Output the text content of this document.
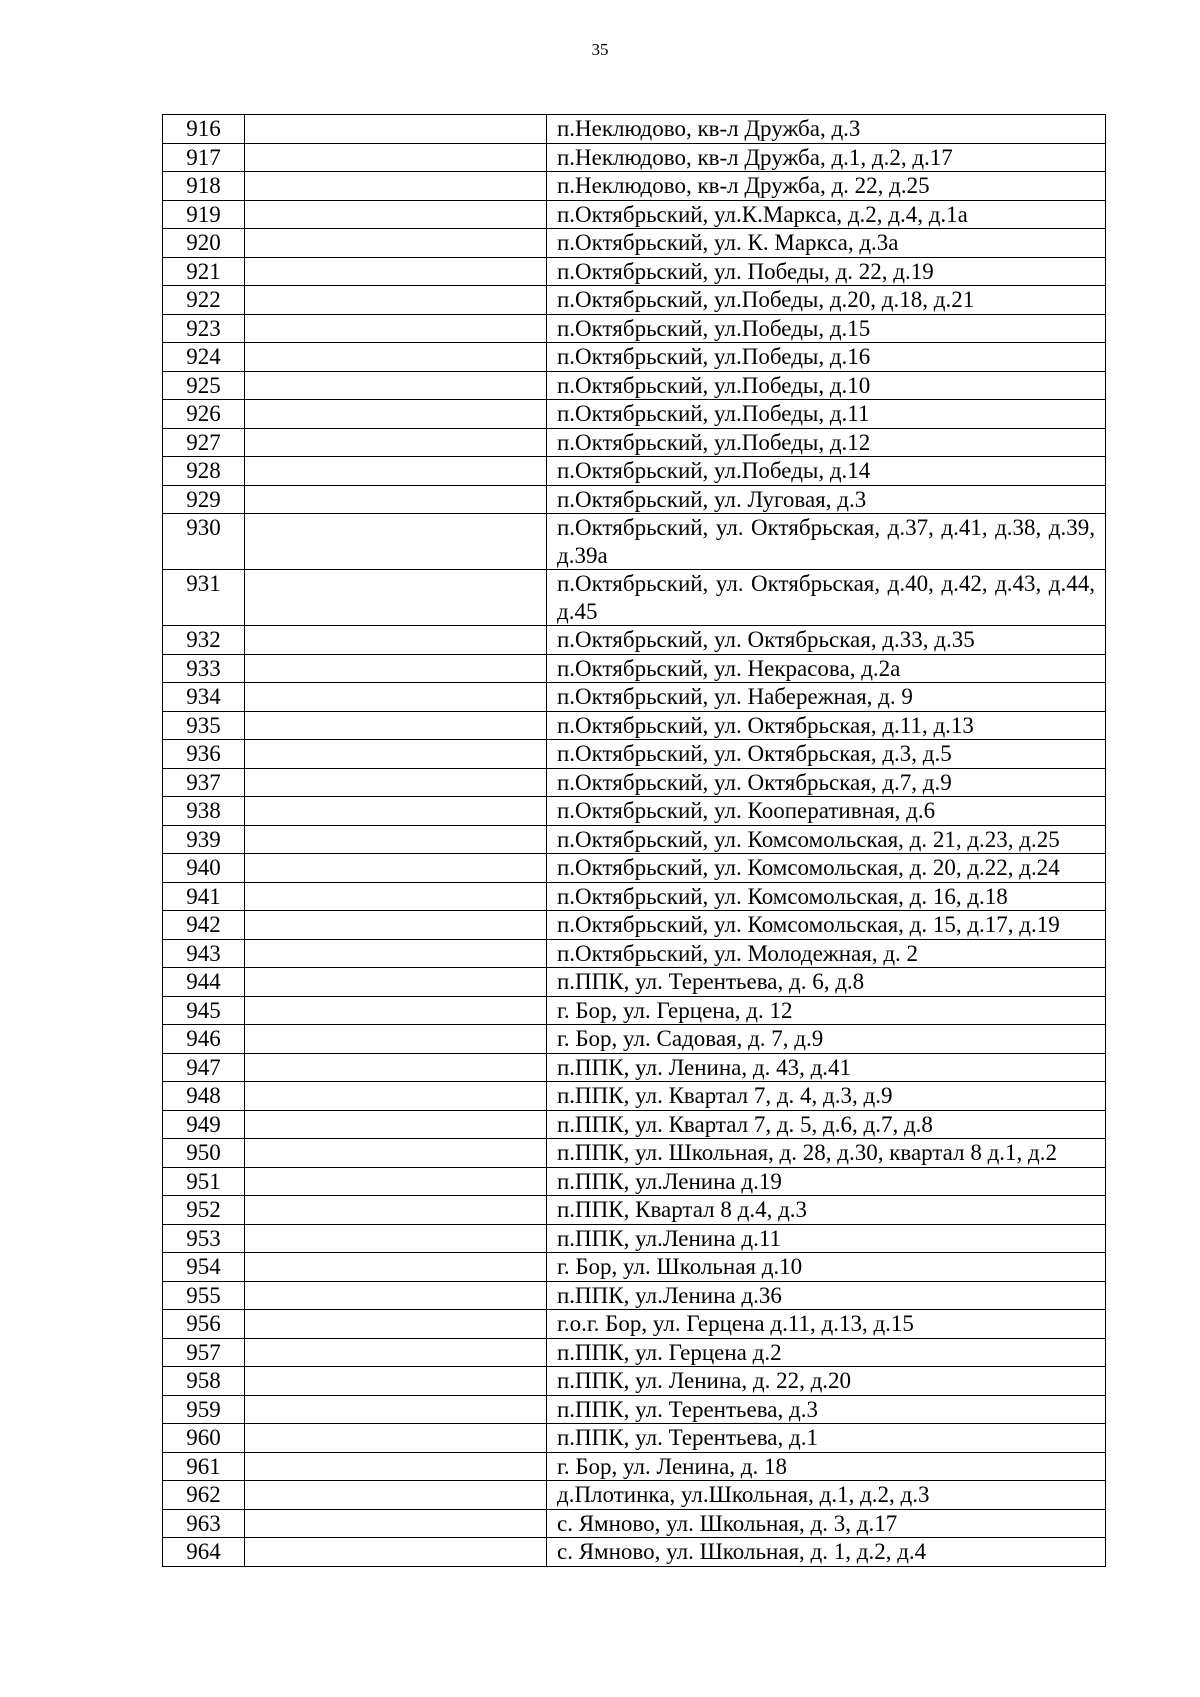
35
916		п.Неклюдово, кв-л Дружба, д.3
917		п.Неклюдово, кв-л Дружба, д.1, д.2, д.17
918		п.Неклюдово, кв-л Дружба, д. 22, д.25
919		п.Октябрьский, ул.К.Маркса, д.2, д.4, д.1а
920		п.Октябрьский, ул. К. Маркса, д.3а
921		п.Октябрьский, ул. Победы, д. 22, д.19
922		п.Октябрьский, ул.Победы, д.20, д.18, д.21
923		п.Октябрьский, ул.Победы, д.15
924		п.Октябрьский, ул.Победы, д.16
925		п.Октябрьский, ул.Победы, д.10
926		п.Октябрьский, ул.Победы, д.11
927		п.Октябрьский, ул.Победы, д.12
928		п.Октябрьский, ул.Победы, д.14
929		п.Октябрьский, ул. Луговая, д.3
930		п.Октябрьский, ул. Октябрьская, д.37, д.41, д.38, д.39, д.39а
931		п.Октябрьский, ул. Октябрьская, д.40, д.42, д.43, д.44, д.45
932		п.Октябрьский, ул. Октябрьская, д.33, д.35
933		п.Октябрьский, ул. Некрасова, д.2а
934		п.Октябрьский, ул. Набережная, д. 9
935		п.Октябрьский, ул. Октябрьская, д.11, д.13
936		п.Октябрьский, ул. Октябрьская, д.3, д.5
937		п.Октябрьский, ул. Октябрьская, д.7, д.9
938		п.Октябрьский, ул. Кооперативная, д.6
939		п.Октябрьский, ул. Комсомольская, д. 21, д.23, д.25
940		п.Октябрьский, ул. Комсомольская, д. 20, д.22, д.24
941		п.Октябрьский, ул. Комсомольская, д. 16, д.18
942		п.Октябрьский, ул. Комсомольская, д. 15, д.17, д.19
943		п.Октябрьский, ул. Молодежная, д. 2
944		п.ППК, ул. Терентьева, д. 6, д.8
945		г. Бор, ул. Герцена, д. 12
946		г. Бор, ул. Садовая, д. 7, д.9
947		п.ППК, ул. Ленина, д. 43, д.41
948		п.ППК, ул. Квартал 7, д. 4, д.3, д.9
949		п.ППК, ул. Квартал 7, д. 5, д.6, д.7, д.8
950		п.ППК, ул. Школьная, д. 28, д.30, квартал 8 д.1, д.2
951		п.ППК, ул.Ленина д.19
952		п.ППК, Квартал 8 д.4, д.3
953		п.ППК, ул.Ленина д.11
954		г. Бор, ул. Школьная д.10
955		п.ППК, ул.Ленина д.36
956		г.о.г. Бор, ул. Герцена д.11, д.13, д.15
957		п.ППК, ул. Герцена д.2
958		п.ППК, ул. Ленина, д. 22, д.20
959		п.ППК, ул. Терентьева, д.3
960		п.ППК, ул. Терентьева, д.1
961		г. Бор, ул. Ленина, д. 18
962		д.Плотинка, ул.Школьная, д.1, д.2, д.3
963		с. Ямново, ул. Школьная, д. 3, д.17
964		с. Ямново, ул. Школьная, д. 1, д.2, д.4
